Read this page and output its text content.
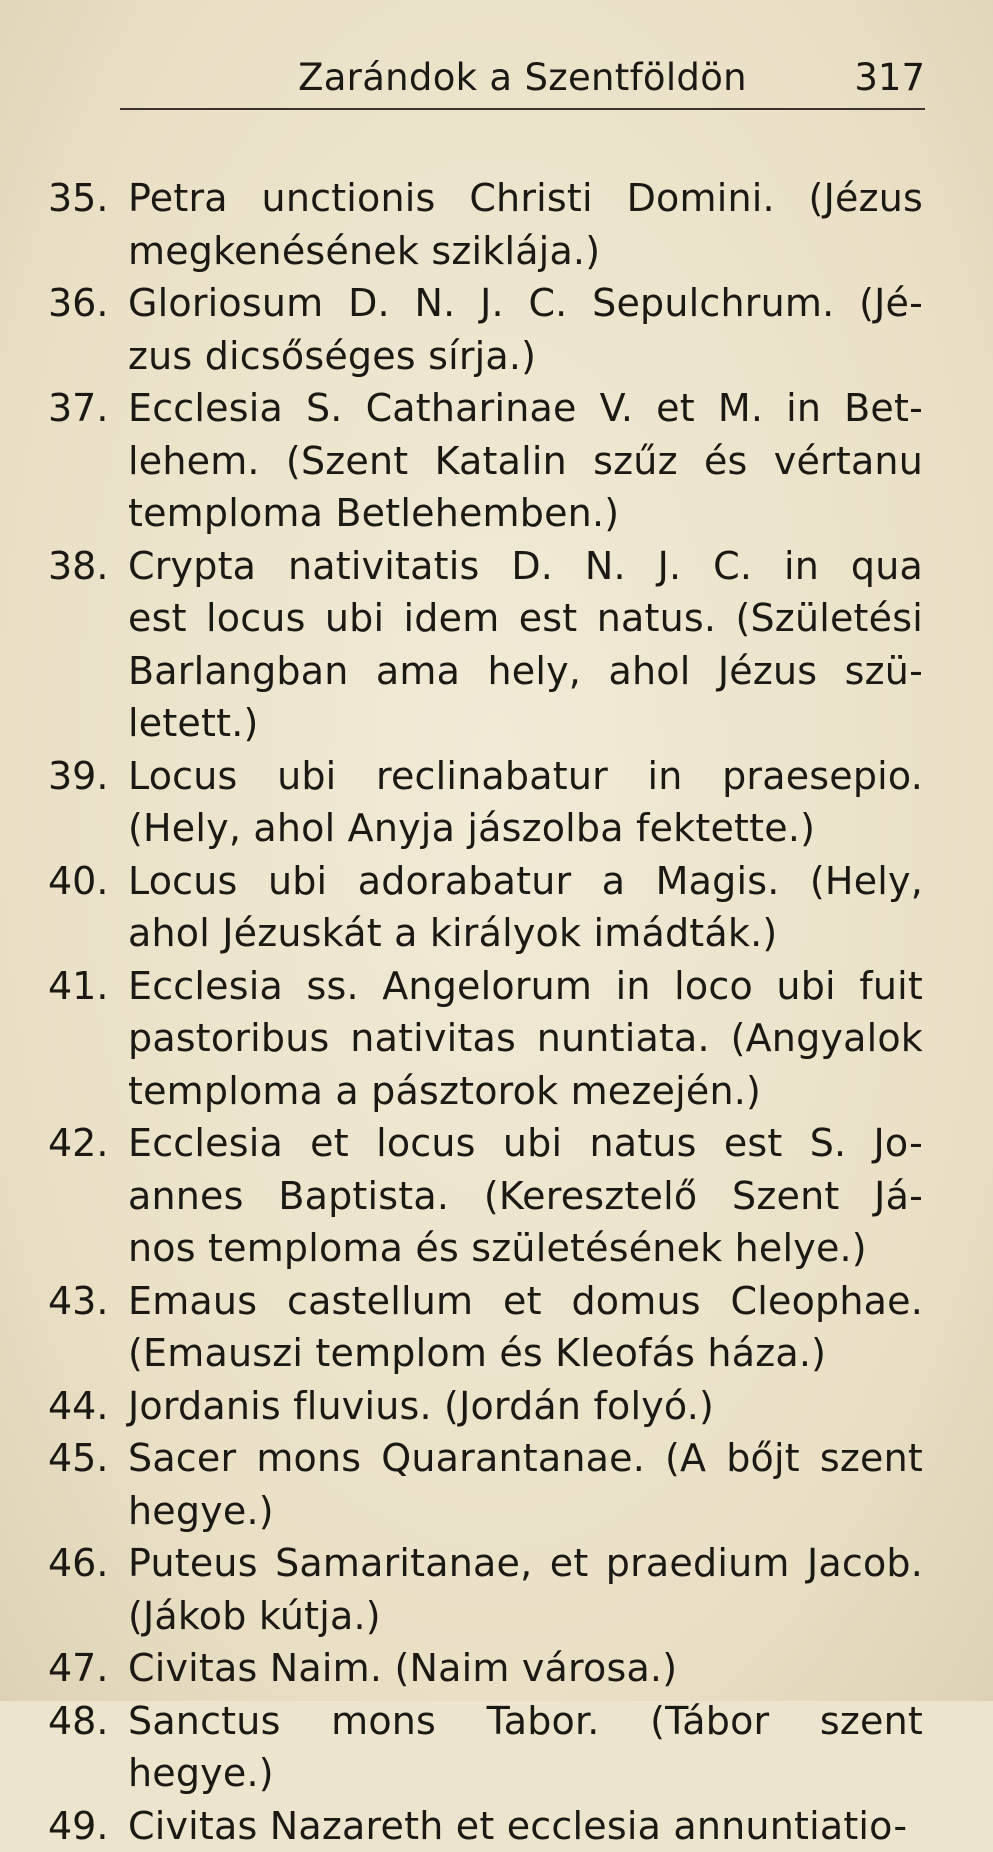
Zarándok a Szentföldön	317
35. Petra unctionis Christi Domini. (Jézus
megkenésének sziklája.)
36. Gloriosum D. N. J. C. Sepulchrum. (Jé-
zus dicsőséges sírja.)
37. Ecclesia S. Catharinae V. et M. in Bet-
lehem. (Szent Katalin szűz és vértanu
temploma Betlehemben.)
38. Crypta nativitatis D. N. J. C. in qua
est locus ubi idem est natus. (Születési
Barlangban ama hely, ahol Jézus szü-
letett.)
39. Locus ubi reclinabatur in praesepio.
(Hely, ahol Anyja jászolba fektette.)
40. Locus ubi adorabatur a Magis. (Hely,
ahol Jézuskát a királyok imádták.)
41. Ecclesia ss. Angelorum in loco ubi fuit
pastoribus nativitas nuntiata. (Angyalok
temploma a pásztorok mezején.)
42. Ecclesia et locus ubi natus est S. Jo-
annes Baptista. (Keresztelő Szent Já-
nos temploma és születésének helye.)
43. Emaus castellum et domus Cleophae.
(Emauszi templom és Kleofás háza.)
44. Jordanis fluvius. (Jordán folyó.)
45. Sacer mons Quarantanae. (A bőjt szent
hegye.)
46. Puteus Samaritanae, et praedium Jacob.
(Jákob kútja.)
47. Civitas Naim. (Naim városa.)
48. Sanctus mons Tabor. (Tábor szent
hegye.)
49. Civitas Nazareth et ecclesia annuntiatio-
